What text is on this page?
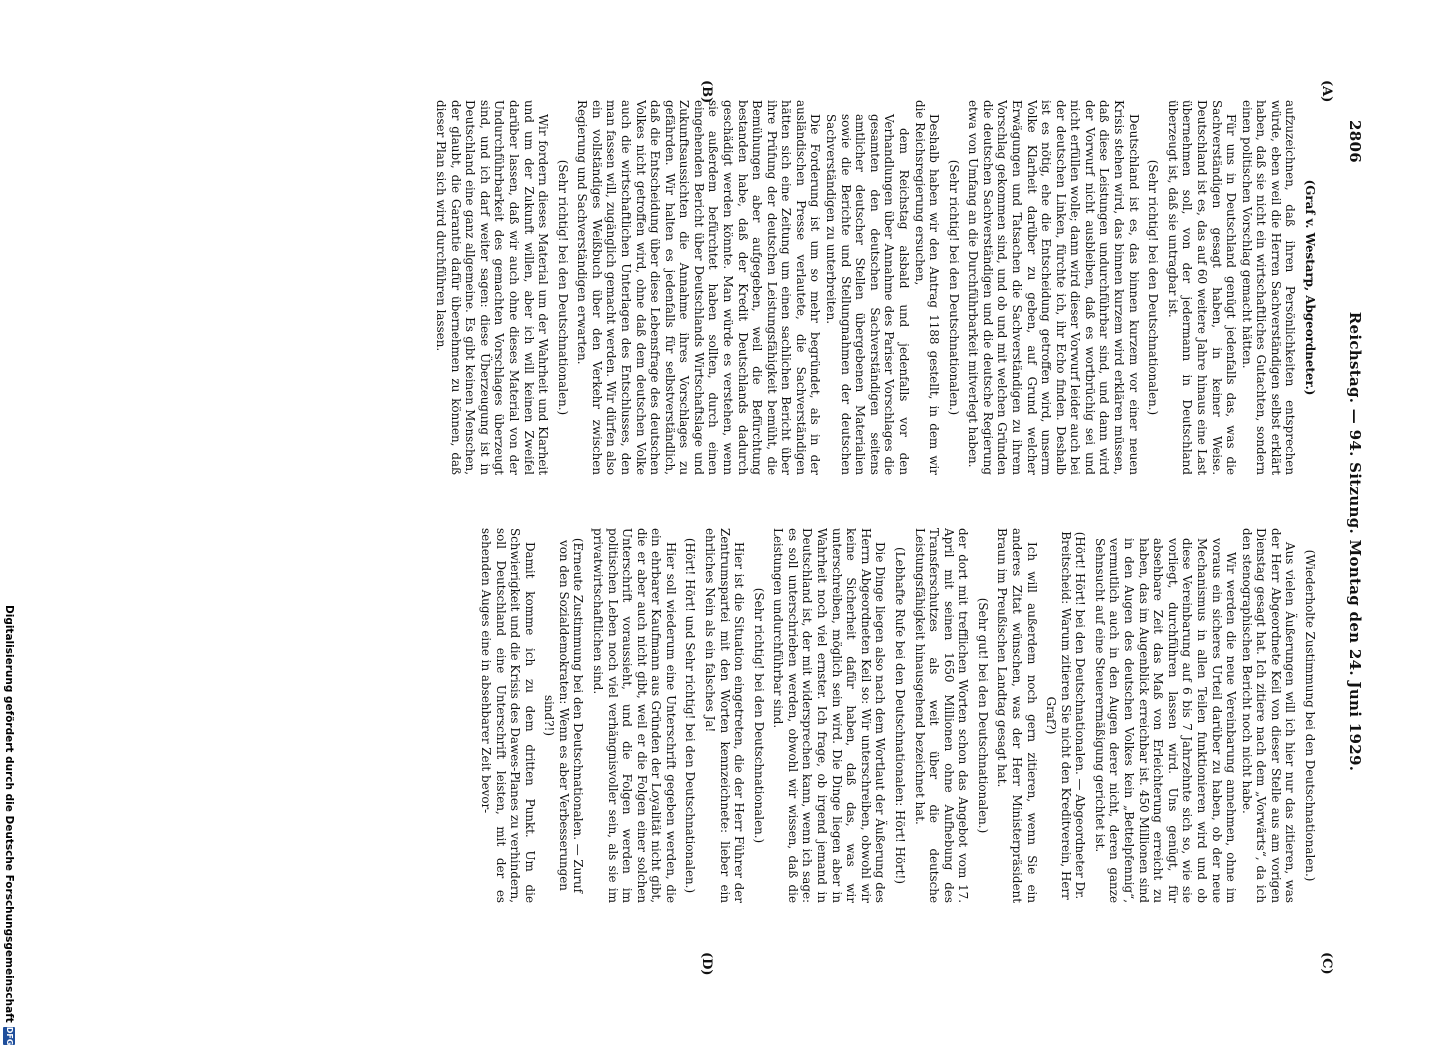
2806
Reichstag. — 94. Sitzung. Montag den 24. Juni 1929.
(A)
(B)
(C)
(D)

(Graf v. Westarp, Abgeordneter.)

aufzuzeichnen, daß ihren Persönlichkeiten entsprechen würde, eben weil die Herren Sachverständigen selbst erklärt haben, daß sie nicht ein wirtschaftliches Gutachten, sondern einen politischen Vorschlag gemacht hätten.

Für uns in Deutschland genügt jedenfalls das, was die Sachverständigen gesagt haben, in keiner Weise. Deutschland ist es, das auf 60 weitere Jahre hinaus eine Last übernehmen soll, von der jedermann in Deutschland überzeugt ist, daß sie untragbar ist.

(Sehr richtig! bei den Deutschnationalen.)

Deutschland ist es, das binnen kurzem vor einer neuen Krisis stehen wird, das binnen kurzem wird erklären müssen, daß diese Leistungen undurchführbar sind, und dann wird der Vorwurf nicht ausbleiben, daß es wortbrüchig sei und nicht erfüllen wolle; dann wird dieser Vorwurf leider auch bei der deutschen Linken, fürchte ich, ihr Echo finden. Deshalb ist es nötig, ehe die Entscheidung getroffen wird, unserm Volke Klarheit darüber zu geben, auf Grund welcher Erwägungen und Tatsachen die Sachverständigen zu ihrem Vorschlag gekommen sind, und ob und mit welchen Gründen die deutschen Sachverständigen und die deutsche Regierung etwa von Umfang an die Durchführbarkeit mitverlegt haben.

(Sehr richtig! bei den Deutschnationalen.)

Deshalb haben wir den Antrag 1188 gestellt, in dem wir die Reichsregierung ersuchen,

dem Reichstag alsbald und jedenfalls vor den Verhandlungen über Annahme des Pariser Vorschlages die gesamten den deutschen Sachverständigen seitens amtlicher deutscher Stellen übergebenen Materialien sowie die Berichte und Stellungnahmen der deutschen Sachverständigen zu unterbreiten.

Die Forderung ist um so mehr begründet, als in der ausländischen Presse verlautete, die Sachverständigen hätten sich eine Zeitung um einen sachlichen Bericht über ihre Prüfung der deutschen Leistungsfähigkeit bemüht, die Bemühungen aber aufgegeben, weil die Befürchtung bestanden habe, daß der Kredit Deutschlands dadurch geschädigt werden könnte. Man würde es verstehen, wenn sie außerdem befürchtet haben sollten, durch einen eingehenden Bericht über Deutschlands Wirtschaftslage und Zukunftsaussichten die Annahme ihres Vorschlages zu gefährden. Wir halten es jedenfalls für selbstverständlich, daß die Entscheidung über diese Lebensfrage des deutschen Volkes nicht getroffen wird, ohne daß dem deutschen Volke auch die wirtschaftlichen Unterlagen des Entschlusses, den man fassen will, zugänglich gemacht werden. Wir dürfen also ein vollständiges Weißbuch über den Verkehr zwischen Regierung und Sachverständigen erwarten.

(Sehr richtig! bei den Deutschnationalen.)

Wir fordern dieses Material um der Wahrheit und Klarheit und um der Zukunft willen, aber ich will keinen Zweifel darüber lassen, daß wir auch ohne dieses Material von der Undurchführbarkeit des gemachten Vorschlages überzeugt sind, und ich darf weiter sagen: diese Überzeugung ist in Deutschland eine ganz allgemeine. Es gibt keinen Menschen, der glaubt, die Garantie dafür übernehmen zu können, daß dieser Plan sich wird durchführen lassen.

(Wiederholte Zustimmung bei den Deutschnationalen.)

Aus vielen Äußerungen will ich hier nur das zitieren, was der Herr Abgeordnete Keil von dieser Stelle aus am vorigen Dienstag gesagt hat. Ich zitiere nach dem „Vorwärts“, da ich den stenographischen Bericht noch nicht habe.

Wir werden die neue Vereinbarung annehmen, ohne im voraus ein sicheres Urteil darüber zu haben, ob der neue Mechanismus in allen Teilen funktionieren wird und ob diese Vereinbarung auf 6 bis 7 Jahrzehnte sich so, wie sie vorliegt, durchführen lassen wird. Uns genügt, für absehbare Zeit das Maß von Erleichterung erreicht zu haben, das im Augenblick erreichbar ist. 450 Millionen sind in den Augen des deutschen Volkes kein „Bettelpfennig“, vermutlich auch in den Augen derer nicht, deren ganze Sehnsucht auf eine Steuerermäßigung gerichtet ist.

(Hört! Hört! bei den Deutschnationalen. — Abgeordneter Dr. Breitscheid: Warum zitieren Sie nicht den Kreditverein, Herr Graf?)

Ich will außerdem noch gern zitieren, wenn Sie ein anderes Zitat wünschen, was der Herr Ministerpräsident Braun im Preußischen Landtag gesagt hat.

(Sehr gut! bei den Deutschnationalen.)

der dort mit trefflichen Worten schon das Angebot vom 17. April mit seinen 1650 Millionen ohne Aufhebung des Transferschutzes als weit über die deutsche Leistungsfähigkeit hinausgehend bezeichnet hat.

(Lebhafte Rufe bei den Deutschnationalen: Hört! Hört!)

Die Dinge liegen also nach dem Wortlaut der Äußerung des Herrn Abgeordneten Keil so: Wir unterschreiben, obwohl wir keine Sicherheit dafür haben, daß das, was wir unterschreiben, möglich sein wird. Die Dinge liegen aber in Wahrheit noch viel ernster. Ich frage, ob irgend jemand in Deutschland ist, der mit widersprechen kann, wenn ich sage: es soll unterschrieben werden, obwohl wir wissen, daß die Leistungen undurchführbar sind.

(Sehr richtig! bei den Deutschnationalen.)

Hier ist die Situation eingetreten, die der Herr Führer der Zentrumspartei mit den Worten kennzeichnete: lieber ein ehrliches Nein als ein falsches Ja!

(Hört! Hört! und Sehr richtig! bei den Deutschnationalen.)

Hier soll wiederum eine Unterschrift gegeben werden, die ein ehrbarer Kaufmann aus Gründen der Loyalität nicht gibt, die er aber auch nicht gibt, weil er die Folgen einer solchen Unterschrift voraussieht, und die Folgen werden im politischen Leben noch viel verhängnisvoller sein, als sie im privatwirtschaftlichen sind.

(Erneute Zustimmung bei den Deutschnationalen. — Zuruf von den Sozialdemokraten: Wenn es aber Verbesserungen sind?!)

Damit komme ich zu dem dritten Punkt. Um die Schwierigkeit und die Krisis des Dawes-Planes zu verhindern, soll Deutschland eine Unterschrift leisten, mit der es sehenden Auges eine in absehbarer Zeit bevor-

Digitalisierung gefördert durch die Deutsche Forschungsgemeinschaft
DFG
